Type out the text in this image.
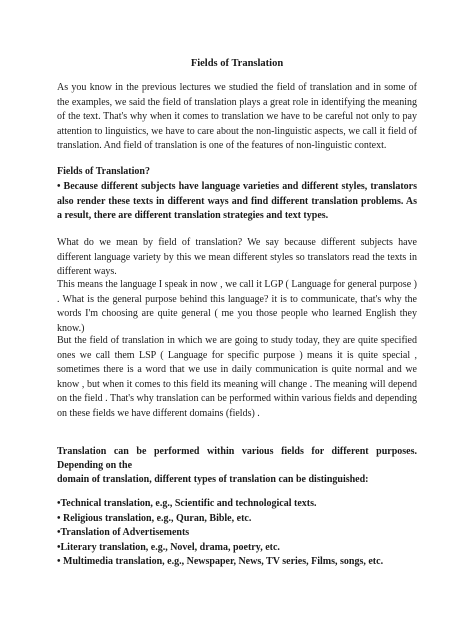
Fields of Translation

As you know in the previous lectures we studied the field of translation and in some of the examples, we said the field of translation plays a great role in identifying the meaning of the text. That's why when it comes to translation we have to be careful not only to pay attention to linguistics, we have to care about the non-linguistic aspects, we call it field of translation. And field of translation is one of the features of non-linguistic context.

Fields of Translation?

• Because different subjects have language varieties and different styles, translators also render these texts in different ways and find different translation problems. As a result, there are different translation strategies and text types.

What do we mean by field of translation? We say because different subjects have different language variety by this we mean different styles so translators read the texts in different ways.

This means the language I speak in now , we call it LGP ( Language for general purpose ) . What is the general purpose behind this language? it is to communicate, that's why the words I'm choosing are quite general ( me you those people who learned English they know.)

But the field of translation in which we are going to study today, they are quite specified ones we call them LSP ( Language for specific purpose ) means it is quite special , sometimes there is a word that we use in daily communication is quite normal and we know , but when it comes to this field its meaning will change . The meaning will depend on the field . That's why translation can be performed within various fields and depending on these fields we have different domains (fields) .

Translation can be performed within various fields for different purposes.

Depending on the

domain of translation, different types of translation can be distinguished:

•Technical translation, e.g., Scientific and technological texts.
• Religious translation, e.g., Quran, Bible, etc.
•Translation of Advertisements
•Literary translation, e.g., Novel, drama, poetry, etc.
• Multimedia translation, e.g., Newspaper, News, TV series, Films, songs, etc.
